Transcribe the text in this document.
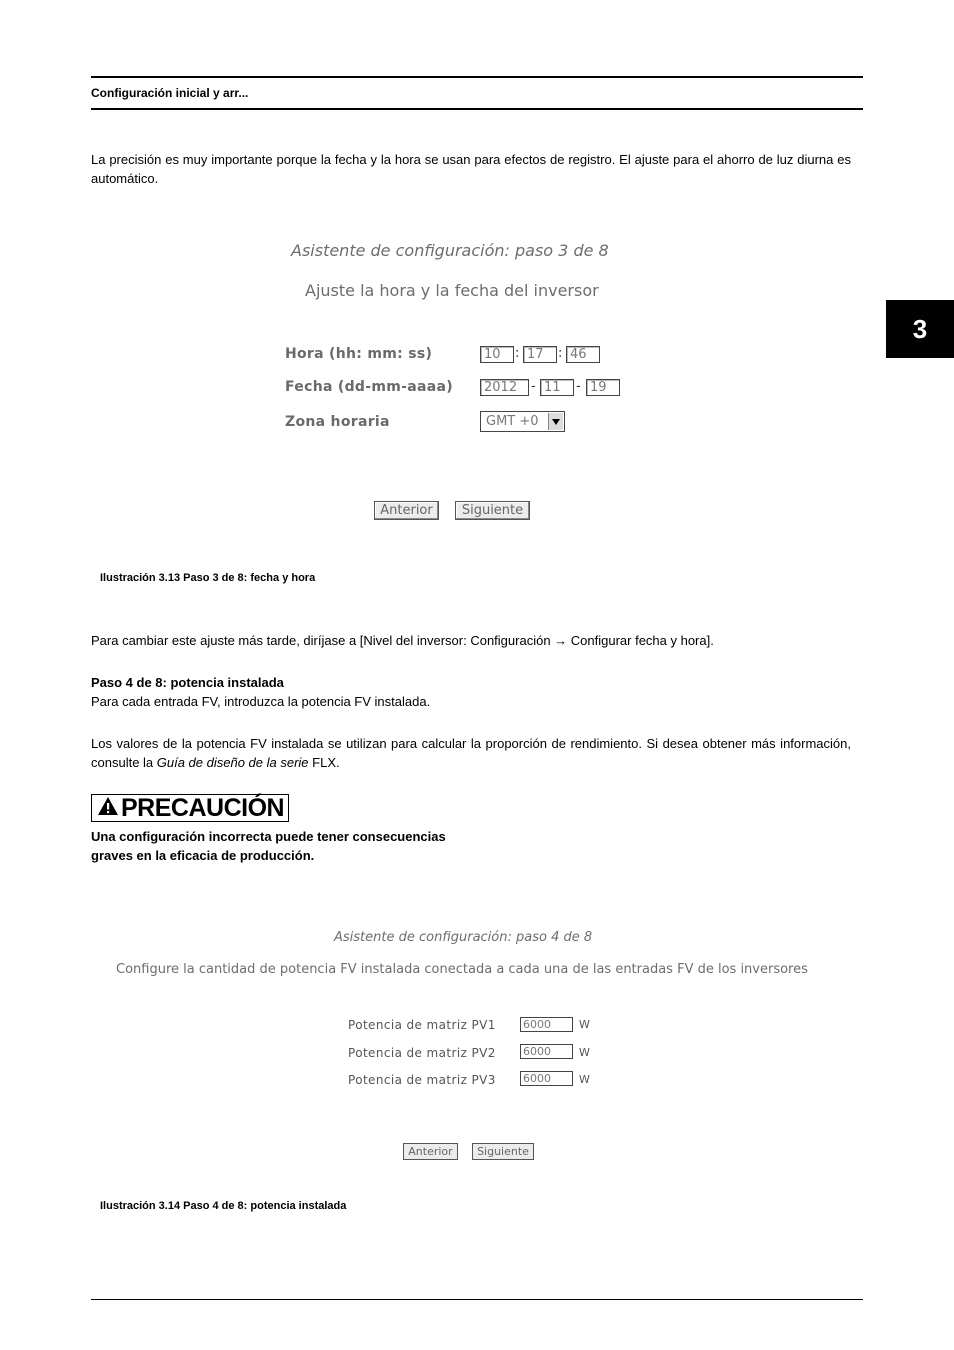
Configuración inicial y arr...
3
La precisión es muy importante porque la fecha y la hora se usan para efectos de registro. El ajuste para el ahorro de luz diurna es automático.
Asistente de configuración: paso 3 de 8
Ajuste la hora y la fecha del inversor
Hora (hh: mm: ss)	10	: 17	: 46
Fecha (dd-mm-aaaa)	2012	- 11	- 19
Zona horaria	GMT +0
Anterior	Siguiente
Ilustración 3.13 Paso 3 de 8: fecha y hora
Para cambiar este ajuste más tarde, diríjase a [Nivel del inversor: Configuración → Configurar fecha y hora].
Paso 4 de 8: potencia instalada
Para cada entrada FV, introduzca la potencia FV instalada.
Los valores de la potencia FV instalada se utilizan para calcular la proporción de rendimiento. Si desea obtener más información, consulte la Guía de diseño de la serie FLX.
PRECAUCIÓN
Una configuración incorrecta puede tener consecuencias graves en la eficacia de producción.
Asistente de configuración: paso 4 de 8
Configure la cantidad de potencia FV instalada conectada a cada una de las entradas FV de los inversores
Potencia de matriz PV1 6000	W
Potencia de matriz PV2 6000	W
Potencia de matriz PV3 6000	W
Anterior	Siguiente
Ilustración 3.14 Paso 4 de 8: potencia instalada
